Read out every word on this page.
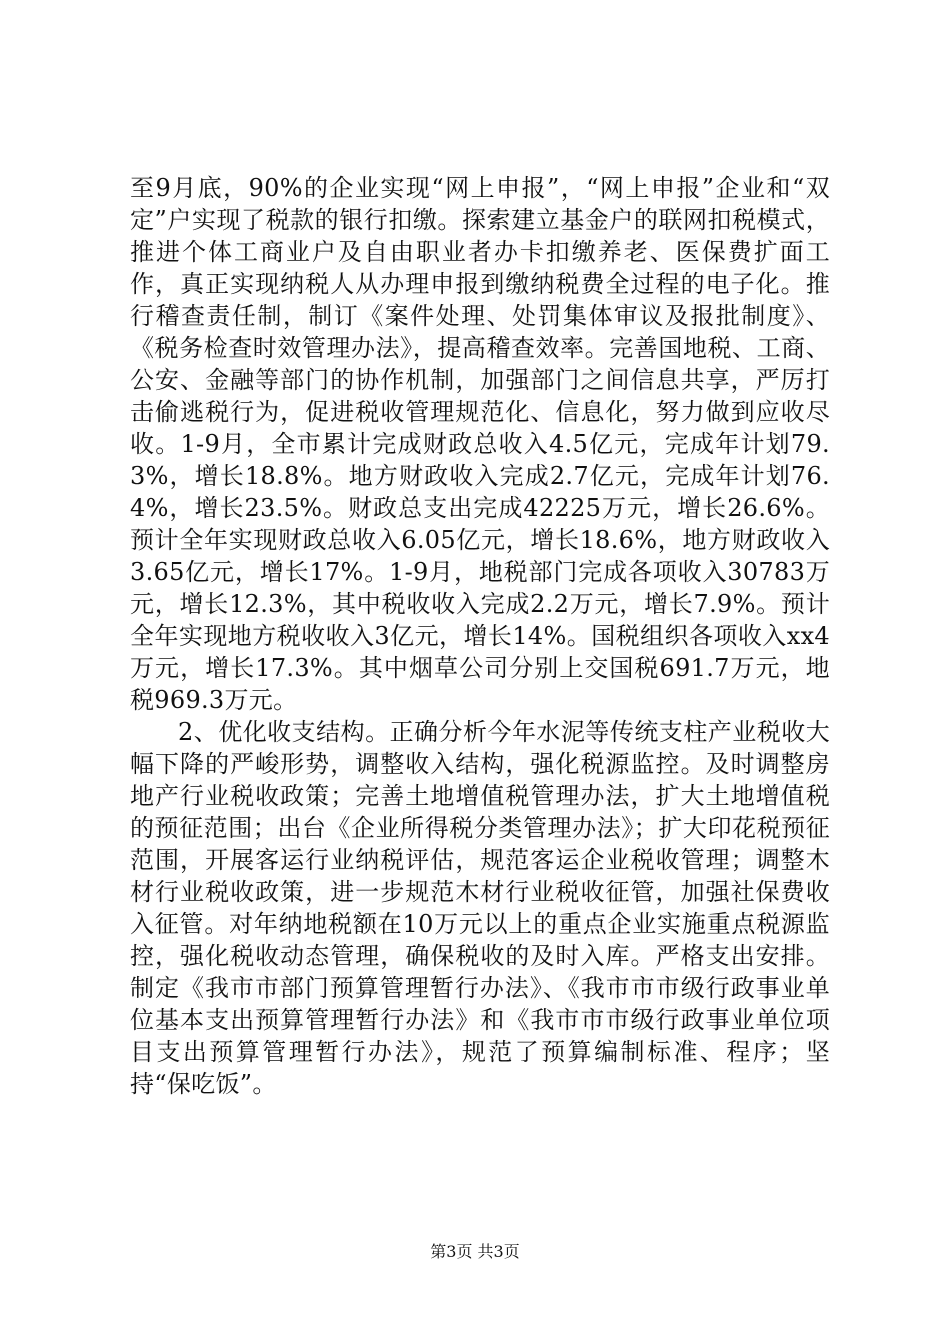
至9月底，90%的企业实现“网上申报”，“网上申报”企业和“双定”户实现了税款的银行扣缴。探索建立基金户的联网扣税模式，推进个体工商业户及自由职业者办卡扣缴养老、医保费扩面工作，真正实现纳税人从办理申报到缴纳税费全过程的电子化。推行稽查责任制，制订《案件处理、处罚集体审议及报批制度》、《税务检查时效管理办法》，提高稽查效率。完善国地税、工商、公安、金融等部门的协作机制，加强部门之间信息共享，严厉打击偷逃税行为，促进税收管理规范化、信息化，努力做到应收尽收。1-9月，全市累计完成财政总收入4.5亿元，完成年计划79.3%，增长18.8%。地方财政收入完成2.7亿元，完成年计划76.4%，增长23.5%。财政总支出完成42225万元，增长26.6%。预计全年实现财政总收入6.05亿元，增长18.6%，地方财政收入3.65亿元，增长17%。1-9月，地税部门完成各项收入30783万元，增长12.3%，其中税收收入完成2.2万元，增长7.9%。预计全年实现地方税收收入3亿元，增长14%。国税组织各项收入xx4万元，增长17.3%。其中烟草公司分别上交国税691.7万元，地税969.3万元。

2、优化收支结构。正确分析今年水泥等传统支柱产业税收大幅下降的严峻形势，调整收入结构，强化税源监控。及时调整房地产行业税收政策；完善土地增值税管理办法，扩大土地增值税的预征范围；出台《企业所得税分类管理办法》；扩大印花税预征范围，开展客运行业纳税评估，规范客运企业税收管理；调整木材行业税收政策，进一步规范木材行业税收征管，加强社保费收入征管。对年纳地税额在10万元以上的重点企业实施重点税源监控，强化税收动态管理，确保税收的及时入库。严格支出安排。制定《我市市部门预算管理暂行办法》、《我市市市级行政事业单位基本支出预算管理暂行办法》和《我市市市级行政事业单位项目支出预算管理暂行办法》，规范了预算编制标准、程序；坚持“保吃饭”。

第3页 共3页
